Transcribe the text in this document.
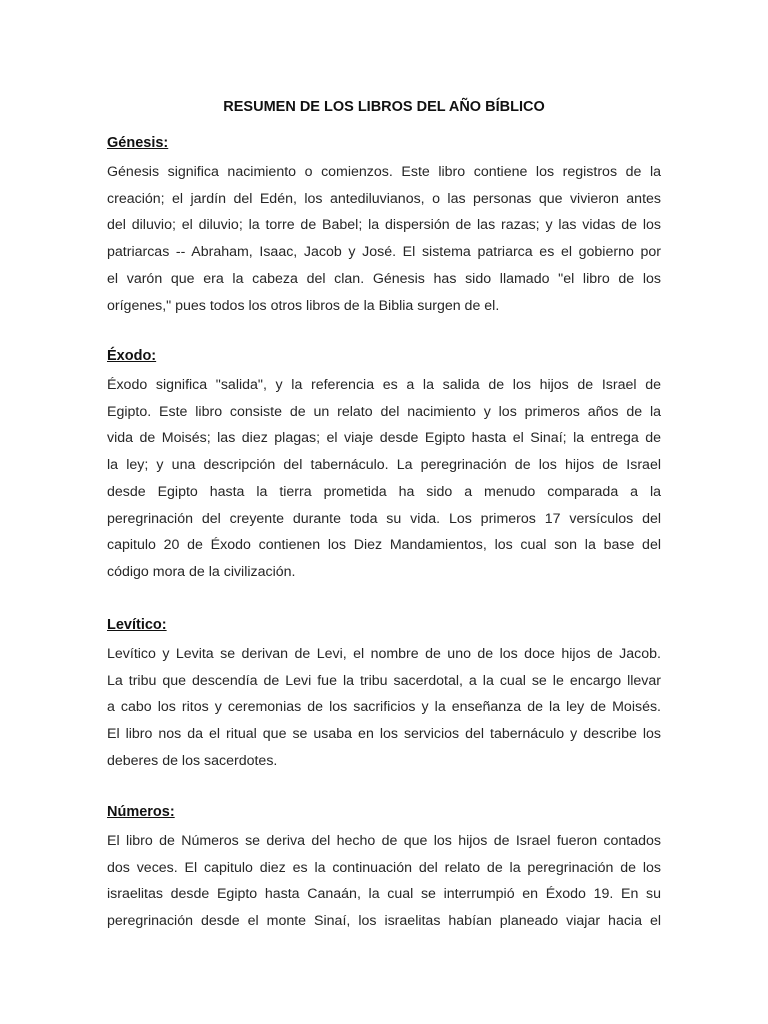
RESUMEN DE LOS LIBROS DEL AÑO BÍBLICO
Génesis:
Génesis significa nacimiento o comienzos. Este libro contiene los registros de la
creación; el jardín del Edén, los antediluvianos, o las personas que vivieron antes
del diluvio; el diluvio; la torre de Babel; la dispersión de las razas; y las vidas de los
patriarcas -- Abraham, Isaac, Jacob y José. El sistema patriarca es el gobierno por
el varón que era la cabeza del clan. Génesis has sido llamado "el libro de los
orígenes," pues todos los otros libros de la Biblia surgen de el.
Éxodo:
Éxodo significa "salida", y la referencia es a la salida de los hijos de Israel de
Egipto. Este libro consiste de un relato del nacimiento y los primeros años de la
vida de Moisés; las diez plagas; el viaje desde Egipto hasta el Sinaí; la entrega de
la ley; y una descripción del tabernáculo. La peregrinación de los hijos de Israel
desde Egipto hasta la tierra prometida ha sido a menudo comparada a la
peregrinación del creyente durante toda su vida. Los primeros 17 versículos del
capitulo 20 de Éxodo contienen los Diez Mandamientos, los cual son la base del
código mora de la civilización.
Levítico:
Levítico y Levita se derivan de Levi, el nombre de uno de los doce hijos de Jacob.
La tribu que descendía de Levi fue la tribu sacerdotal, a la cual se le encargo llevar
a cabo los ritos y ceremonias de los sacrificios y la enseñanza de la ley de Moisés.
El libro nos da el ritual que se usaba en los servicios del tabernáculo y describe los
deberes de los sacerdotes.
Números:
El libro de Números se deriva del hecho de que los hijos de Israel fueron contados
dos veces. El capitulo diez es la continuación del relato de la peregrinación de los
israelitas desde Egipto hasta Canaán, la cual se interrumpió en Éxodo 19. En su
peregrinación desde el monte Sinaí, los israelitas habían planeado viajar hacia el
